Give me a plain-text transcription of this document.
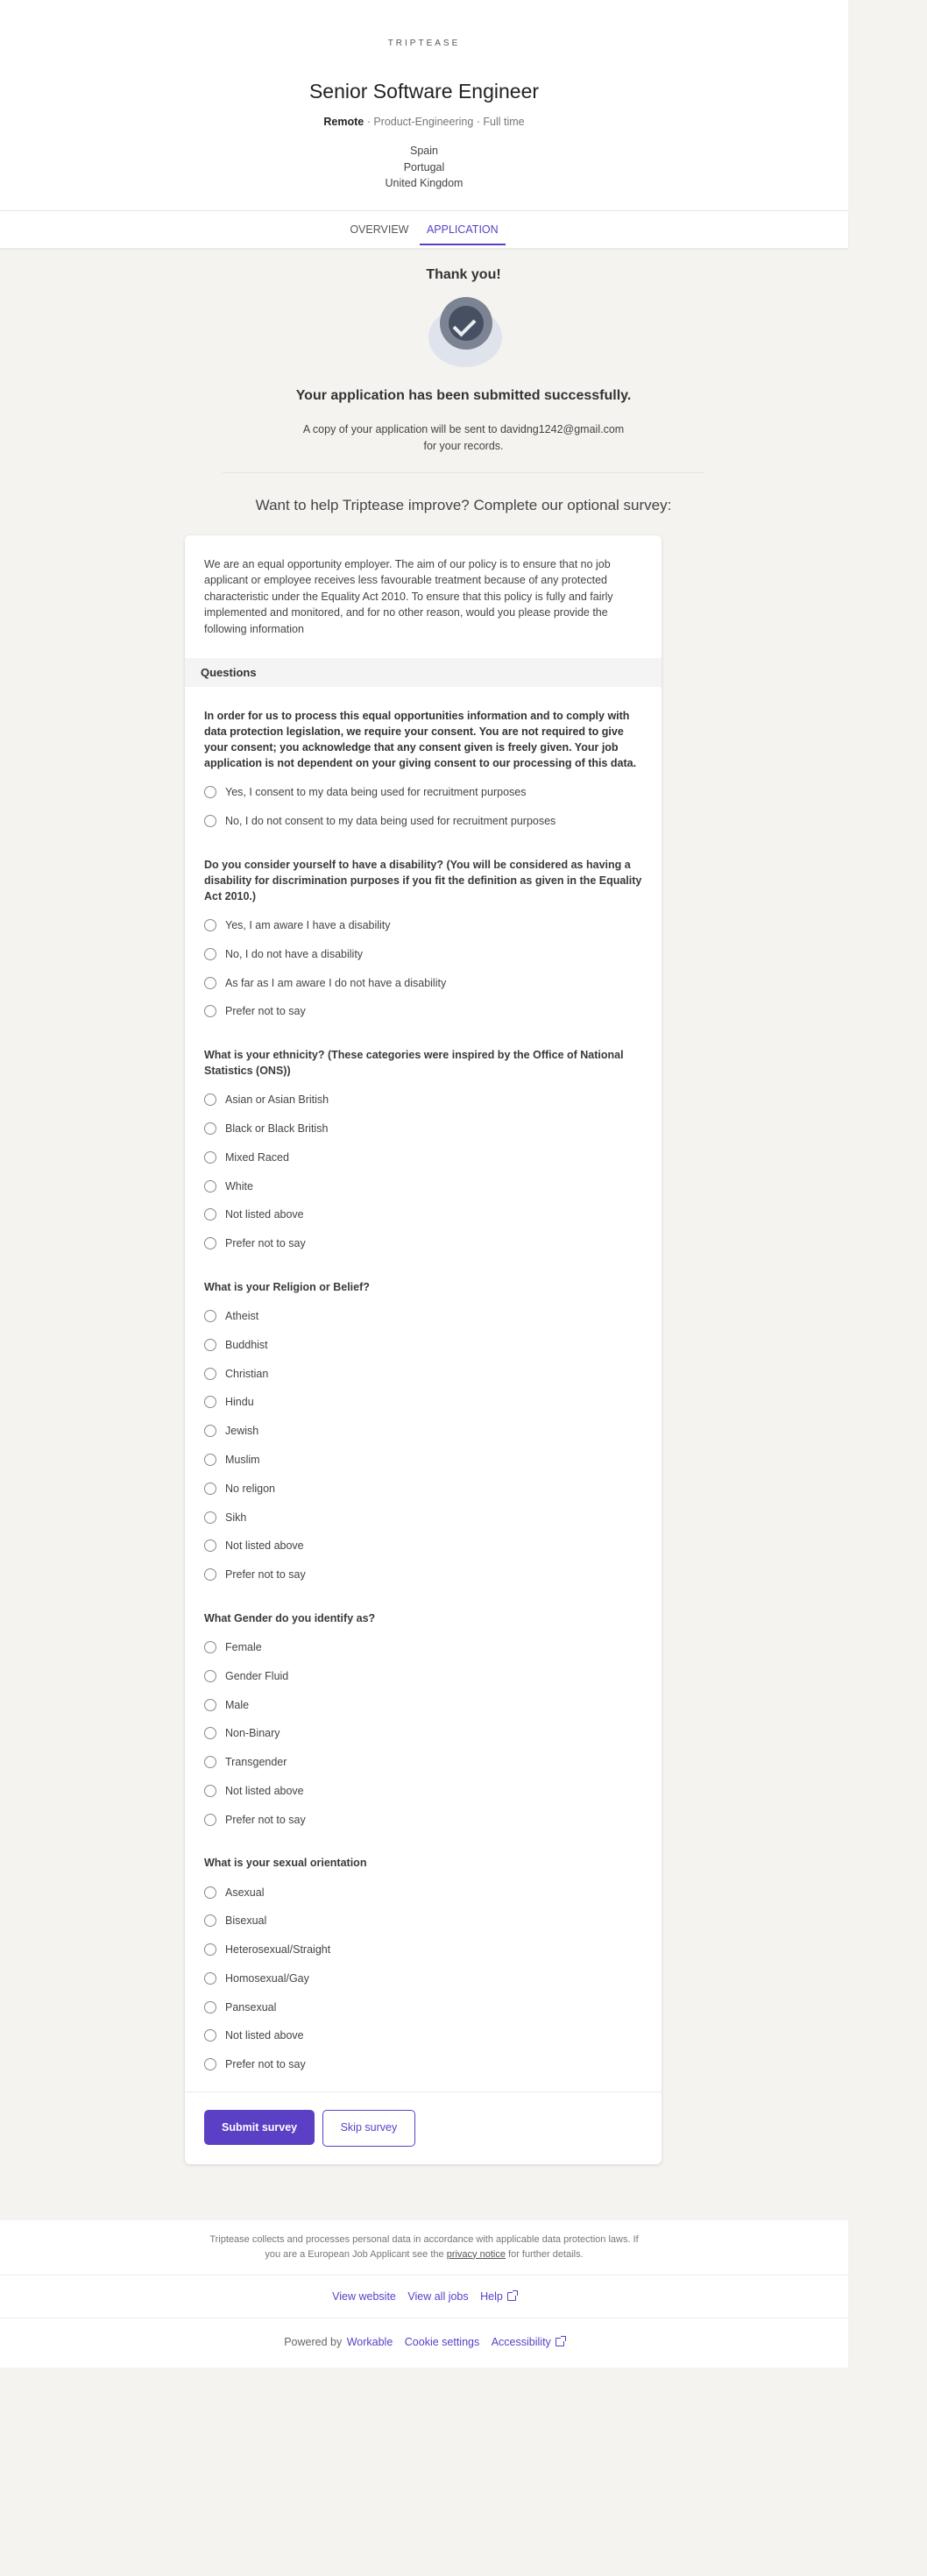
TRIPTEASE
Senior Software Engineer
Remote · Product-Engineering · Full time
Spain
Portugal
United Kingdom
OVERVIEW APPLICATION
Thank you!
Your application has been submitted successfully.
A copy of your application will be sent to davidng1242@gmail.com
for your records.
Want to help Triptease improve? Complete our optional survey:
We are an equal opportunity employer. The aim of our policy is to ensure that no job applicant or employee receives less favourable treatment because of any protected characteristic under the Equality Act 2010. To ensure that this policy is fully and fairly implemented and monitored, and for no other reason, would you please provide the following information
Questions
In order for us to process this equal opportunities information and to comply with data protection legislation, we require your consent. You are not required to give your consent; you acknowledge that any consent given is freely given. Your job application is not dependent on your giving consent to our processing of this data.
Yes, I consent to my data being used for recruitment purposes
No, I do not consent to my data being used for recruitment purposes
Do you consider yourself to have a disability? (You will be considered as having a disability for discrimination purposes if you fit the definition as given in the Equality Act 2010.)
Yes, I am aware I have a disability
No, I do not have a disability
As far as I am aware I do not have a disability
Prefer not to say
What is your ethnicity? (These categories were inspired by the Office of National Statistics (ONS))
Asian or Asian British
Black or Black British
Mixed Raced
White
Not listed above
Prefer not to say
What is your Religion or Belief?
Atheist
Buddhist
Christian
Hindu
Jewish
Muslim
No religon
Sikh
Not listed above
Prefer not to say
What Gender do you identify as?
Female
Gender Fluid
Male
Non-Binary
Transgender
Not listed above
Prefer not to say
What is your sexual orientation
Asexual
Bisexual
Heterosexual/Straight
Homosexual/Gay
Pansexual
Not listed above
Prefer not to say
Submit survey	Skip survey
Triptease collects and processes personal data in accordance with applicable data protection laws. If
you are a European Job Applicant see the privacy notice for further details.
View website View all jobs Help
Powered by Workable Cookie settings Accessibility
